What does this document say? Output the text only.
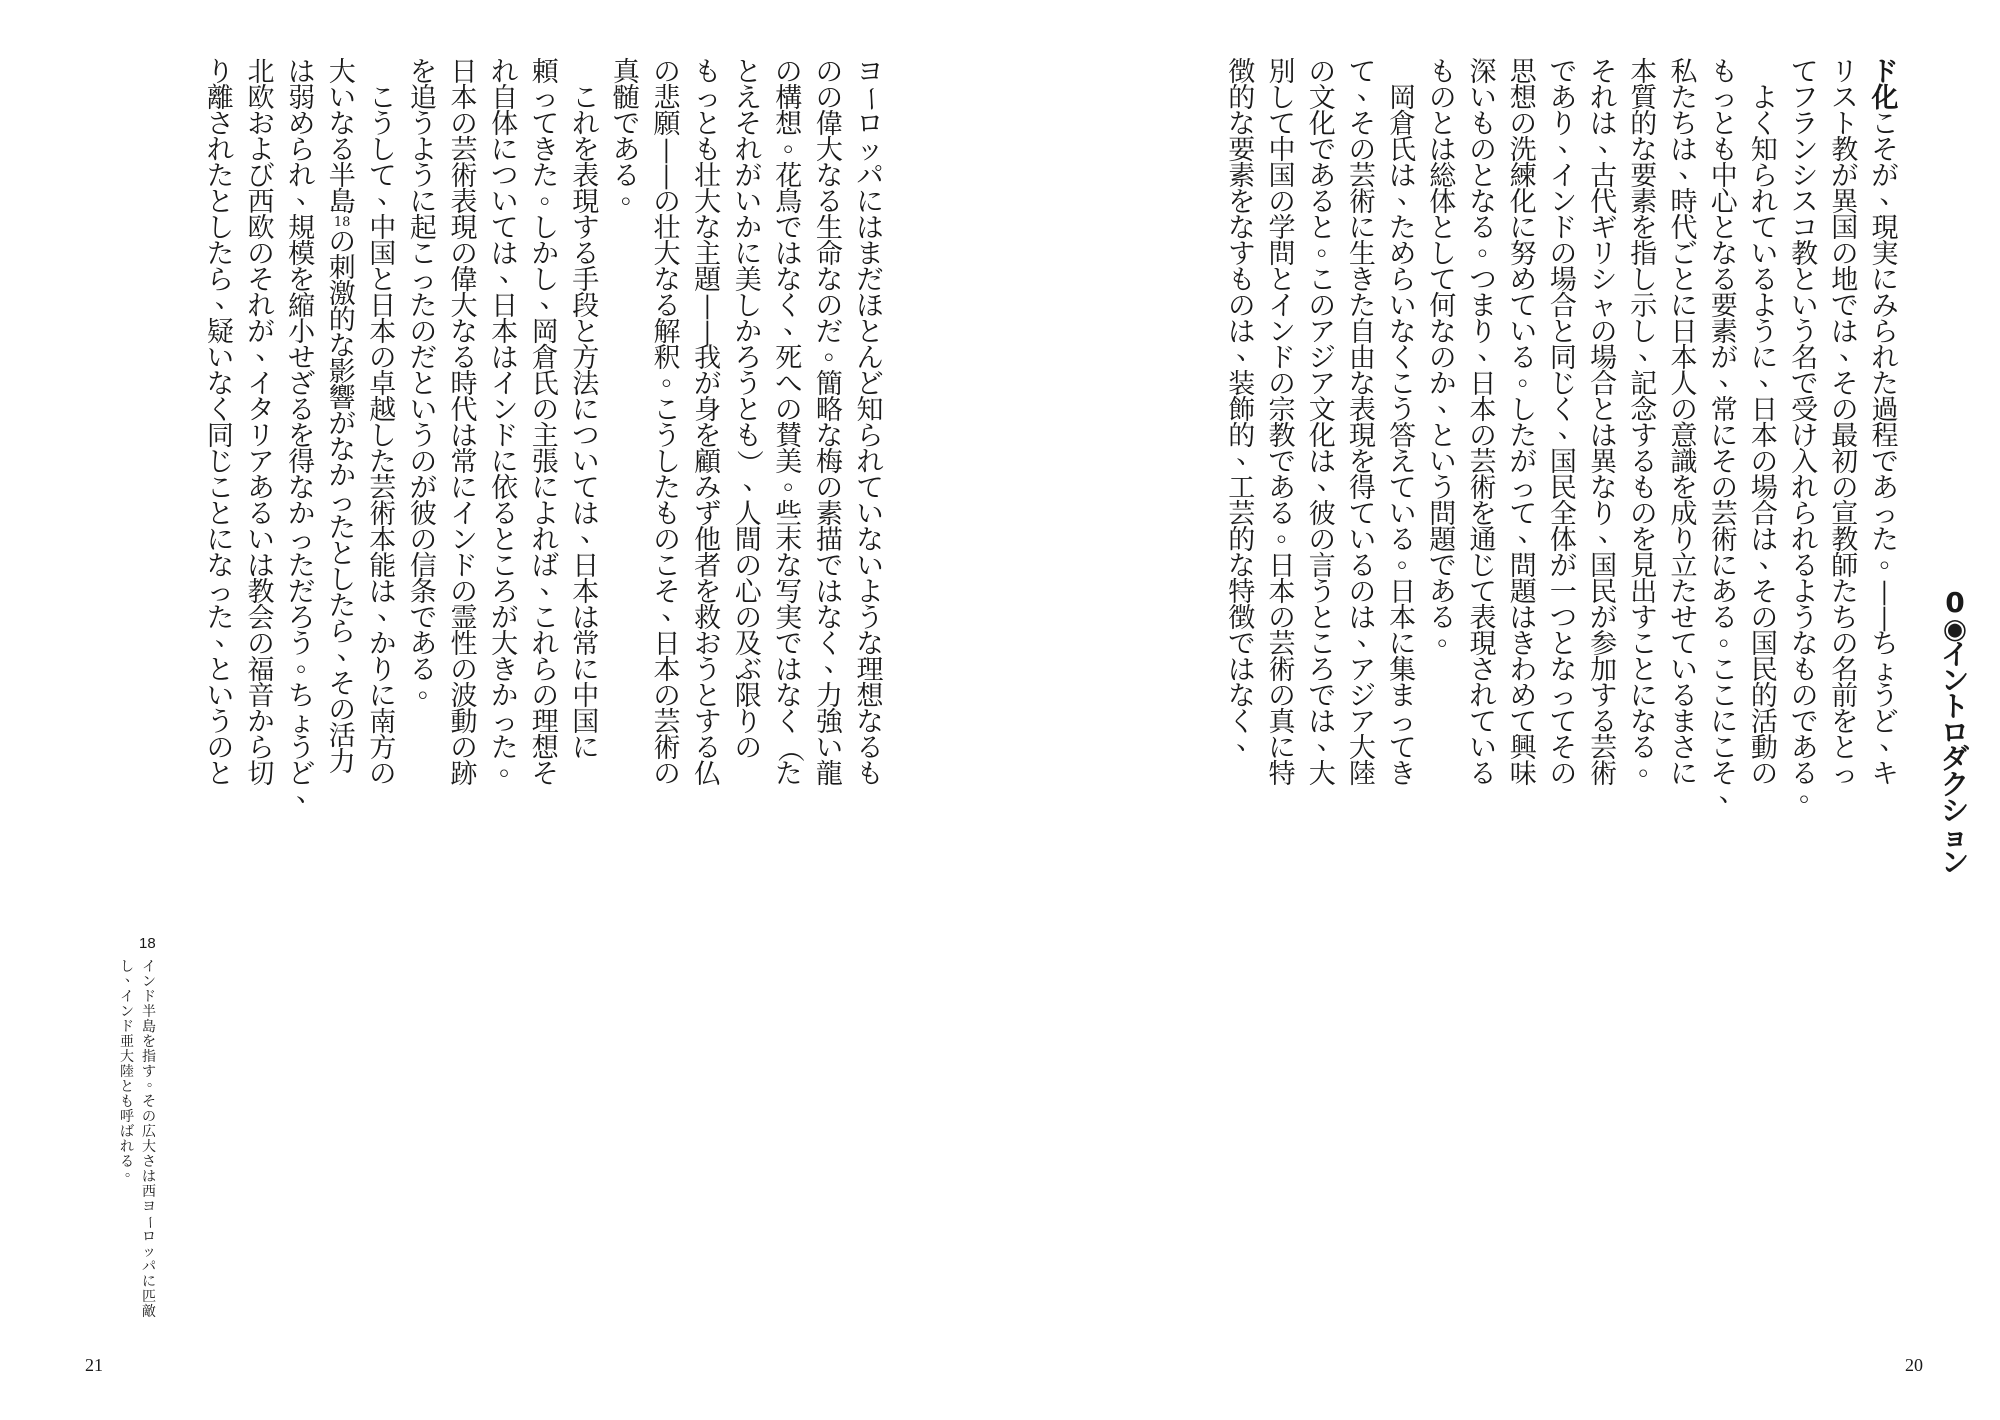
0
◉
イ
ン
ト
ロ
ダ
ク
シ
ョ
ン
ド
化
こ
そ
が
、
現
実
に
み
ら
れ
た
過
程
で
あ
っ
た
。
—
—
ち
ょ
う
ど
、
キ
リ
ス
ト
教
が
異
国
の
地
で
は
、
そ
の
最
初
の
宣
教
師
た
ち
の
名
前
を
と
っ
て
フ
ラ
ン
シ
ス
コ
教
と
い
う
名
で
受
け
入
れ
ら
れ
る
よ
う
な
も
の
で
あ
る
。
よ
く
知
ら
れ
て
い
る
よ
う
に
、
日
本
の
場
合
は
、
そ
の
国
民
的
活
動
の
も
っ
と
も
中
心
と
な
る
要
素
が
、
常
に
そ
の
芸
術
に
あ
る
。
こ
こ
に
こ
そ
、
私
た
ち
は
、
時
代
ご
と
に
日
本
人
の
意
識
を
成
り
立
た
せ
て
い
る
ま
さ
に
本
質
的
な
要
素
を
指
し
示
し
、
記
念
す
る
も
の
を
見
出
す
こ
と
に
な
る
。
そ
れ
は
、
古
代
ギ
リ
シ
ャ
の
場
合
と
は
異
な
り
、
国
民
が
参
加
す
る
芸
術
で
あ
り
、
イ
ン
ド
の
場
合
と
同
じ
く
、
国
民
全
体
が
一
つ
と
な
っ
て
そ
の
思
想
の
洗
練
化
に
努
め
て
い
る
。
し
た
が
っ
て
、
問
題
は
き
わ
め
て
興
味
深
い
も
の
と
な
る
。
つ
ま
り
、
日
本
の
芸
術
を
通
じ
て
表
現
さ
れ
て
い
る
も
の
と
は
総
体
と
し
て
何
な
の
か
、
と
い
う
問
題
で
あ
る
。
岡
倉
氏
は
、
た
め
ら
い
な
く
こ
う
答
え
て
い
る
。
日
本
に
集
ま
っ
て
き
て
、
そ
の
芸
術
に
生
き
た
自
由
な
表
現
を
得
て
い
る
の
は
、
ア
ジ
ア
大
陸
の
文
化
で
あ
る
と
。
こ
の
ア
ジ
ア
文
化
は
、
彼
の
言
う
と
こ
ろ
で
は
、
大
別
し
て
中
国
の
学
問
と
イ
ン
ド
の
宗
教
で
あ
る
。
日
本
の
芸
術
の
真
に
特
徴
的
な
要
素
を
な
す
も
の
は
、
装
飾
的
、
工
芸
的
な
特
徴
で
は
な
く
、
20
ヨ
ー
ロ
ッ
パ
に
は
ま
だ
ほ
と
ん
ど
知
ら
れ
て
い
な
い
よ
う
な
理
想
な
る
も
の
の
偉
大
な
る
生
命
な
の
だ
。
簡
略
な
梅
の
素
描
で
は
な
く
、
力
強
い
龍
の
構
想
。
花
鳥
で
は
な
く
、
死
へ
の
賛
美
。
些
末
な
写
実
で
は
な
く
（
た
と
え
そ
れ
が
い
か
に
美
し
か
ろ
う
と
も
）
、
人
間
の
心
の
及
ぶ
限
り
の
も
っ
と
も
壮
大
な
主
題
—
—
我
が
身
を
顧
み
ず
他
者
を
救
お
う
と
す
る
仏
の
悲
願
—
—
の
壮
大
な
る
解
釈
。
こ
う
し
た
も
の
こ
そ
、
日
本
の
芸
術
の
真
髄
で
あ
る
。
こ
れ
を
表
現
す
る
手
段
と
方
法
に
つ
い
て
は
、
日
本
は
常
に
中
国
に
頼
っ
て
き
た
。
し
か
し
、
岡
倉
氏
の
主
張
に
よ
れ
ば
、
こ
れ
ら
の
理
想
そ
れ
自
体
に
つ
い
て
は
、
日
本
は
イ
ン
ド
に
依
る
と
こ
ろ
が
大
き
か
っ
た
。
日
本
の
芸
術
表
現
の
偉
大
な
る
時
代
は
常
に
イ
ン
ド
の
霊
性
の
波
動
の
跡
を
追
う
よ
う
に
起
こ
っ
た
の
だ
と
い
う
の
が
彼
の
信
条
で
あ
る
。
こ
う
し
て
、
中
国
と
日
本
の
卓
越
し
た
芸
術
本
能
は
、
か
り
に
南
方
の
大
い
な
る
半
島
18
の
刺
激
的
な
影
響
が
な
か
っ
た
と
し
た
ら
、
そ
の
活
力
は
弱
め
ら
れ
、
規
模
を
縮
小
せ
ざ
る
を
得
な
か
っ
た
だ
ろ
う
。
ち
ょ
う
ど
、
北
欧
お
よ
び
西
欧
の
そ
れ
が
、
イ
タ
リ
ア
あ
る
い
は
教
会
の
福
音
か
ら
切
り
離
さ
れ
た
と
し
た
ら
、
疑
い
な
く
同
じ
こ
と
に
な
っ
た
、
と
い
う
の
と
21
18
イ
ン
ド
半
島
を
指
す
。
そ
の
広
大
さ
は
西
ヨ
ー
ロ
ッ
パ
に
匹
敵
し
、
イ
ン
ド
亜
大
陸
と
も
呼
ば
れ
る
。
